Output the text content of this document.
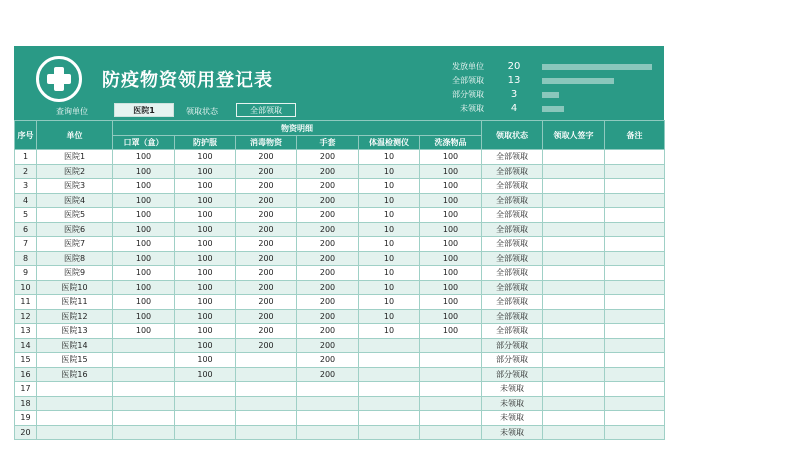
防疫物资领用登记表
发放单位	20
全部领取	13
部分领取	3
未领取	4
查询单位	医院1	领取状态	全部领取
序号	单位	物资明细						领取状态	领取人签字	备注
		口罩（盒）	防护服	消毒物资	手套	体温检测仪	洗涤物品			
1	医院1	100	100	200	200	10	100	全部领取		
2	医院2	100	100	200	200	10	100	全部领取		
3	医院3	100	100	200	200	10	100	全部领取		
4	医院4	100	100	200	200	10	100	全部领取		
5	医院5	100	100	200	200	10	100	全部领取		
6	医院6	100	100	200	200	10	100	全部领取		
7	医院7	100	100	200	200	10	100	全部领取		
8	医院8	100	100	200	200	10	100	全部领取		
9	医院9	100	100	200	200	10	100	全部领取		
10	医院10	100	100	200	200	10	100	全部领取		
11	医院11	100	100	200	200	10	100	全部领取		
12	医院12	100	100	200	200	10	100	全部领取		
13	医院13	100	100	200	200	10	100	全部领取		
14	医院14		100	200	200			部分领取		
15	医院15		100		200			部分领取		
16	医院16		100		200			部分领取		
17								未领取		
18								未领取		
19								未领取		
20								未领取		
